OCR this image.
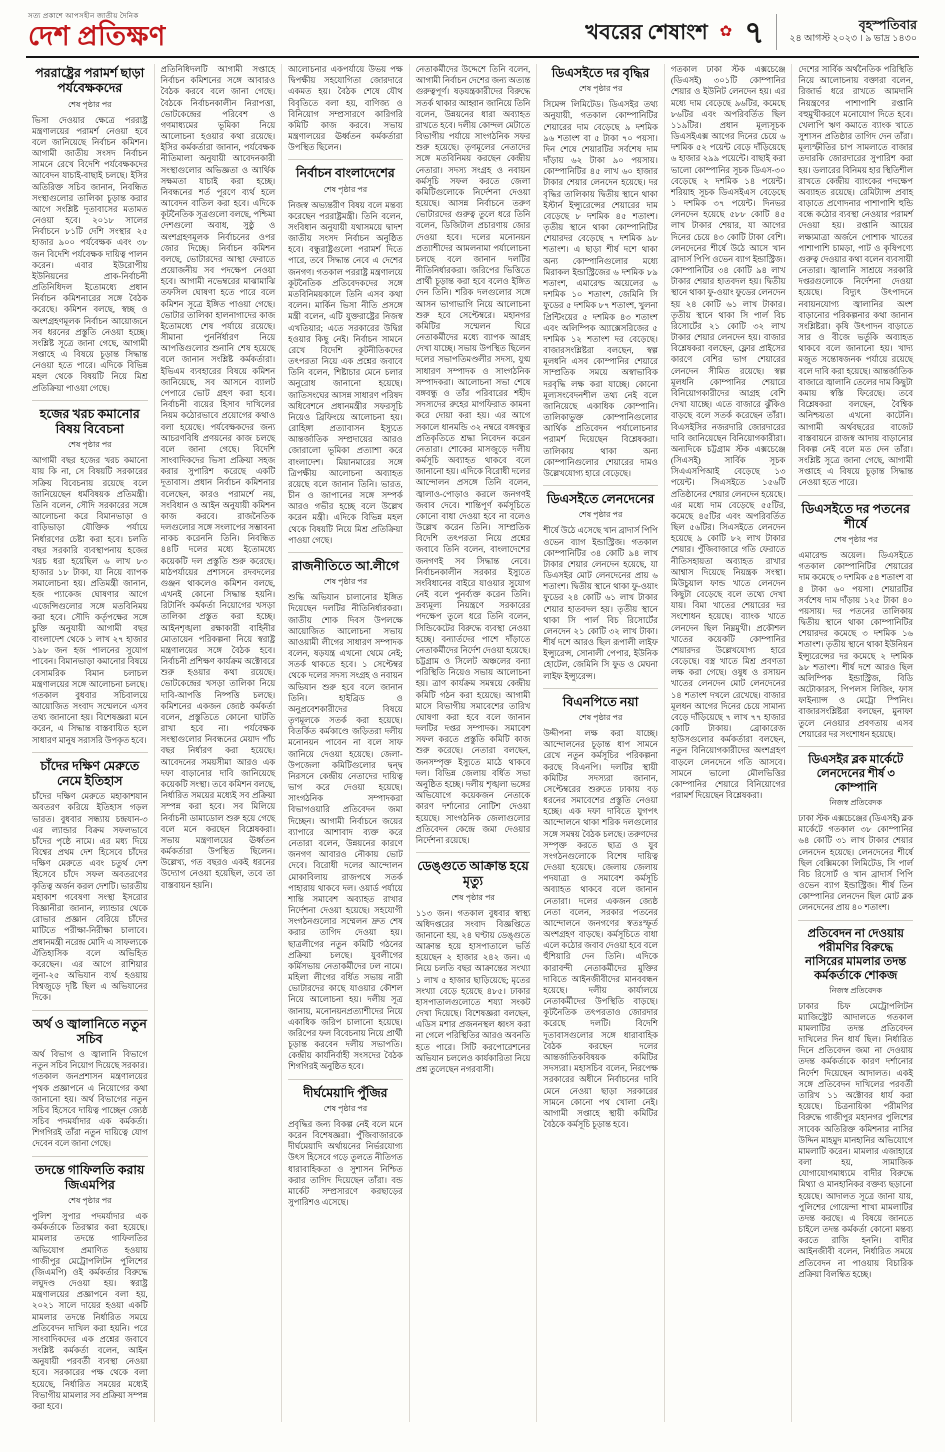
সত্য প্রকাশে আপসহীন জাতীয় দৈনিক
দেশ প্রতিক্ষণ	খবরের শেষাংশ ✿ ৭	বৃহস্পতিবার
২৪ আগস্ট ২০২৩ । ৯ ভাদ্র ১৪৩০
পররাষ্ট্রের পরামর্শ ছাড়া পর্যবেক্ষকদের
শেষ পৃষ্ঠার পর

ভিসা দেওয়ার ক্ষেত্রে পররাষ্ট্র মন্ত্রণালয়ের পরামর্শ নেওয়া হবে বলে জানিয়েছে নির্বাচন কমিশন। আগামী জাতীয় সংসদ নির্বাচন সামনে রেখে বিদেশি পর্যবেক্ষকদের আবেদন যাচাই-বাছাই চলছে। ইসির অতিরিক্ত সচিব জানান, নিবন্ধিত সংস্থাগুলোর তালিকা চূড়ান্ত করার আগে সংশ্লিষ্ট দূতাবাসের মতামত নেওয়া হবে। ২০১৮ সালের নির্বাচনে ৮১টি দেশি সংস্থার ২৫ হাজার ৯০০ পর্যবেক্ষক এবং ৩৮ জন বিদেশি পর্যবেক্ষক দায়িত্ব পালন করেন। এবার ইউরোপীয় ইউনিয়নের প্রাক-নির্বাচনী প্রতিনিধিদল ইতোমধ্যে প্রধান নির্বাচন কমিশনারের সঙ্গে বৈঠক করেছে। কমিশন বলছে, স্বচ্ছ ও অংশগ্রহণমূলক নির্বাচন আয়োজনে সব ধরনের প্রস্তুতি নেওয়া হচ্ছে। সংশ্লিষ্ট সূত্রে জানা গেছে, আগামী সপ্তাহে এ বিষয়ে চূড়ান্ত সিদ্ধান্ত নেওয়া হতে পারে। এদিকে বিভিন্ন মহল থেকে বিষয়টি নিয়ে মিশ্র প্রতিক্রিয়া পাওয়া গেছে।

হজের খরচ কমানোর বিষয় বিবেচনা
শেষ পৃষ্ঠার পর

আগামী বছর হজের খরচ কমানো যায় কি না, সে বিষয়টি সরকারের সক্রিয় বিবেচনায় রয়েছে বলে জানিয়েছেন ধর্মবিষয়ক প্রতিমন্ত্রী। তিনি বলেন, সৌদি সরকারের সঙ্গে আলোচনা করে বিমানভাড়া ও বাড়িভাড়া যৌক্তিক পর্যায়ে নির্ধারণের চেষ্টা করা হবে। চলতি বছর সরকারি ব্যবস্থাপনায় হজের খরচ ধরা হয়েছিল ৬ লাখ ৮৩ হাজার ১৮ টাকা, যা নিয়ে ব্যাপক সমালোচনা হয়। প্রতিমন্ত্রী জানান, হজ প্যাকেজ ঘোষণার আগে এজেন্সিগুলোর সঙ্গে মতবিনিময় করা হবে। সৌদি কর্তৃপক্ষের সঙ্গে চুক্তি অনুযায়ী আগামী বছর বাংলাদেশ থেকে ১ লাখ ২৭ হাজার ১৯৮ জন হজ পালনের সুযোগ পাবেন। বিমানভাড়া কমানোর বিষয়ে বেসামরিক বিমান চলাচল মন্ত্রণালয়ের সঙ্গে আলোচনা চলছে। গতকাল বুধবার সচিবালয়ে আয়োজিত সংবাদ সম্মেলনে এসব তথ্য জানানো হয়। বিশেষজ্ঞরা মনে করেন, এ সিদ্ধান্ত বাস্তবায়িত হলে সাধারণ মানুষ সরাসরি উপকৃত হবে।

চাঁদের দক্ষিণ মেরুতে নেমে ইতিহাস

চাঁদের দক্ষিণ মেরুতে মহাকাশযান অবতরণ করিয়ে ইতিহাস গড়ল ভারত। বুধবার সন্ধ্যায় চন্দ্রযান-৩ এর ল্যান্ডার বিক্রম সফলভাবে চাঁদের পৃষ্ঠে নামে। এর মধ্য দিয়ে বিশ্বের প্রথম দেশ হিসেবে চাঁদের দক্ষিণ মেরুতে এবং চতুর্থ দেশ হিসেবে চাঁদে সফল অবতরণের কৃতিত্ব অর্জন করল দেশটি। ভারতীয় মহাকাশ গবেষণা সংস্থা ইসরোর বিজ্ঞানীরা জানান, ল্যান্ডার থেকে রোভার প্রজ্ঞান বেরিয়ে চাঁদের মাটিতে পরীক্ষা-নিরীক্ষা চালাবে। প্রধানমন্ত্রী নরেন্দ্র মোদি এ সাফল্যকে ঐতিহাসিক বলে অভিহিত করেছেন। এর আগে রাশিয়ার লুনা-২৫ অভিযান ব্যর্থ হওয়ায় বিশ্বজুড়ে দৃষ্টি ছিল এ অভিযানের দিকে।

অর্থ ও জ্বালানিতে নতুন সচিব

অর্থ বিভাগ ও জ্বালানি বিভাগে নতুন সচিব নিয়োগ দিয়েছে সরকার। গতকাল জনপ্রশাসন মন্ত্রণালয়ের পৃথক প্রজ্ঞাপনে এ নিয়োগের কথা জানানো হয়। অর্থ বিভাগের নতুন সচিব হিসেবে দায়িত্ব পাচ্ছেন জ্যেষ্ঠ সচিব পদমর্যাদার এক কর্মকর্তা। শিগগিরই তাঁরা নতুন দায়িত্বে যোগ দেবেন বলে জানা গেছে।

তদন্তে গাফিলতি করায় জিএমপির
শেষ পৃষ্ঠার পর

পুলিশ সুপার পদমর্যাদার এক কর্মকর্তাকে তিরস্কার করা হয়েছে। মামলার তদন্তে গাফিলতির অভিযোগ প্রমাণিত হওয়ায় গাজীপুর মেট্রোপলিটন পুলিশের (জিএমপি) ওই কর্মকর্তার বিরুদ্ধে লঘুদণ্ড দেওয়া হয়। স্বরাষ্ট্র মন্ত্রণালয়ের প্রজ্ঞাপনে বলা হয়, ২০২১ সালে দায়ের হওয়া একটি মামলার তদন্তে নির্ধারিত সময়ে প্রতিবেদন দাখিল করা হয়নি। পরে সাংবাদিকদের এক প্রশ্নের জবাবে সংশ্লিষ্ট কর্মকর্তা বলেন, আইন অনুযায়ী পরবর্তী ব্যবস্থা নেওয়া হবে। সরকারের পক্ষ থেকে বলা হয়েছে, নির্ধারিত সময়ের মধ্যেই বিভাগীয় মামলার সব প্রক্রিয়া সম্পন্ন করা হবে।

প্রতিনিধিদলটি আগামী সপ্তাহে নির্বাচন কমিশনের সঙ্গে আবারও বৈঠক করবে বলে জানা গেছে। বৈঠকে নির্বাচনকালীন নিরাপত্তা, ভোটকেন্দ্রের পরিবেশ ও গণমাধ্যমের ভূমিকা নিয়ে আলোচনা হওয়ার কথা রয়েছে। ইসির কর্মকর্তারা জানান, পর্যবেক্ষক নীতিমালা অনুযায়ী আবেদনকারী সংস্থাগুলোর অভিজ্ঞতা ও আর্থিক সক্ষমতা যাচাই করা হচ্ছে। নিবন্ধনের শর্ত পূরণে ব্যর্থ হলে আবেদন বাতিল করা হবে। এদিকে কূটনৈতিক সূত্রগুলো বলছে, পশ্চিমা দেশগুলো অবাধ, সুষ্ঠু ও অংশগ্রহণমূলক নির্বাচনের ওপর জোর দিচ্ছে। নির্বাচন কমিশন বলছে, ভোটারদের আস্থা ফেরাতে প্রয়োজনীয় সব পদক্ষেপ নেওয়া হবে। আগামী নভেম্বরের মাঝামাঝি তফসিল ঘোষণা হতে পারে বলে কমিশন সূত্রে ইঙ্গিত পাওয়া গেছে। ভোটার তালিকা হালনাগাদের কাজ ইতোমধ্যে শেষ পর্যায়ে রয়েছে। সীমানা পুনর্নির্ধারণ নিয়ে আপত্তিগুলোর শুনানি শেষ হয়েছে বলে জানান সংশ্লিষ্ট কর্মকর্তারা। ইভিএম ব্যবহারের বিষয়ে কমিশন জানিয়েছে, সব আসনে ব্যালট পেপারে ভোট গ্রহণ করা হবে। নির্বাচনী ব্যয়ের হিসাব দাখিলের নিয়ম কঠোরভাবে প্রয়োগের কথাও বলা হয়েছে। পর্যবেক্ষকদের জন্য আচরণবিধি প্রণয়নের কাজ চলছে বলে জানা গেছে। বিদেশি সাংবাদিকদের ভিসা প্রক্রিয়া সহজ করার সুপারিশ করেছে একটি দূতাবাস। প্রধান নির্বাচন কমিশনার বলেছেন, কারও পরামর্শে নয়, সংবিধান ও আইন অনুযায়ী কমিশন কাজ করবে। রাজনৈতিক দলগুলোর সঙ্গে সংলাপের সম্ভাবনা নাকচ করেননি তিনি। নিবন্ধিত ৪৪টি দলের মধ্যে ইতোমধ্যে কয়েকটি দল প্রস্তুতি শুরু করেছে। মাঠপর্যায়ের প্রশাসনে রদবদলের গুঞ্জন থাকলেও কমিশন বলছে, এখনই কোনো সিদ্ধান্ত হয়নি। রিটার্নিং কর্মকর্তা নিয়োগের খসড়া তালিকা প্রস্তুত করা হচ্ছে। আইনশৃঙ্খলা রক্ষাকারী বাহিনীর মোতায়েন পরিকল্পনা নিয়ে স্বরাষ্ট্র মন্ত্রণালয়ের সঙ্গে বৈঠক হবে। নির্বাচনী প্রশিক্ষণ কার্যক্রম অক্টোবরে শুরু হওয়ার কথা রয়েছে। ভোটকেন্দ্রের খসড়া তালিকা নিয়ে দাবি-আপত্তি নিষ্পত্তি চলছে। কমিশনের একজন জ্যেষ্ঠ কর্মকর্তা বলেন, প্রস্তুতিতে কোনো ঘাটতি রাখা হবে না। পর্যবেক্ষক সংস্থাগুলোর নিবন্ধনের মেয়াদ পাঁচ বছর নির্ধারণ করা হয়েছে। আবেদনের সময়সীমা আরও এক দফা বাড়ানোর দাবি জানিয়েছে কয়েকটি সংস্থা। তবে কমিশন বলছে, নির্ধারিত সময়ের মধ্যেই সব প্রক্রিয়া সম্পন্ন করা হবে। সব মিলিয়ে নির্বাচনী ডামাডোল শুরু হয়ে গেছে বলে মনে করছেন বিশ্লেষকরা। সভায় মন্ত্রণালয়ের ঊর্ধ্বতন কর্মকর্তারা উপস্থিত ছিলেন। উল্লেখ্য, গত বছরও একই ধরনের উদ্যোগ নেওয়া হয়েছিল, তবে তা বাস্তবায়ন হয়নি।

আলোচনার একপর্যায়ে উভয় পক্ষ দ্বিপক্ষীয় সহযোগিতা জোরদারে একমত হয়। বৈঠক শেষে যৌথ বিবৃতিতে বলা হয়, বাণিজ্য ও বিনিয়োগ সম্প্রসারণে কারিগরি কমিটি কাজ করবে। সভায় মন্ত্রণালয়ের ঊর্ধ্বতন কর্মকর্তারা উপস্থিত ছিলেন।

নির্বাচন বাংলাদেশের
শেষ পৃষ্ঠার পর

নিজস্ব অভ্যন্তরীণ বিষয় বলে মন্তব্য করেছেন পররাষ্ট্রমন্ত্রী। তিনি বলেন, সংবিধান অনুযায়ী যথাসময়ে দ্বাদশ জাতীয় সংসদ নির্বাচন অনুষ্ঠিত হবে। বন্ধুরাষ্ট্রগুলো পরামর্শ দিতে পারে, তবে সিদ্ধান্ত নেবে এ দেশের জনগণ। গতকাল পররাষ্ট্র মন্ত্রণালয়ে কূটনৈতিক প্রতিবেদকদের সঙ্গে মতবিনিময়কালে তিনি এসব কথা বলেন। মার্কিন ভিসা নীতি প্রসঙ্গে মন্ত্রী বলেন, এটি যুক্তরাষ্ট্রের নিজস্ব এখতিয়ার; এতে সরকারের উদ্বিগ্ন হওয়ার কিছু নেই। নির্বাচন সামনে রেখে বিদেশি কূটনীতিকদের তৎপরতা নিয়ে এক প্রশ্নের জবাবে তিনি বলেন, শিষ্টাচার মেনে চলার অনুরোধ জানানো হয়েছে। জাতিসংঘের আসন্ন সাধারণ পরিষদ অধিবেশনে প্রধানমন্ত্রীর সফরসূচি নিয়েও ব্রিফিংয়ে আলোচনা হয়। রোহিঙ্গা প্রত্যাবাসন ইস্যুতে আন্তর্জাতিক সম্প্রদায়ের আরও জোরালো ভূমিকা প্রত্যাশা করে বাংলাদেশ। মিয়ানমারের সঙ্গে ত্রিপক্ষীয় আলোচনা অব্যাহত রয়েছে বলে জানান তিনি। ভারত, চীন ও জাপানের সঙ্গে সম্পর্ক আরও গভীর হচ্ছে বলে উল্লেখ করেন মন্ত্রী। এদিকে বিভিন্ন মহল থেকে বিষয়টি নিয়ে মিশ্র প্রতিক্রিয়া পাওয়া গেছে।

রাজনীতিতে আ.লীগে
শেষ পৃষ্ঠার পর

শুদ্ধি অভিযান চালানোর ইঙ্গিত দিয়েছেন দলটির নীতিনির্ধারকরা। জাতীয় শোক দিবস উপলক্ষে আয়োজিত আলোচনা সভায় আওয়ামী লীগের সাধারণ সম্পাদক বলেন, ষড়যন্ত্র এখনো থেমে নেই; সতর্ক থাকতে হবে। ১ সেপ্টেম্বর থেকে দলের সদস্য সংগ্রহ ও নবায়ন অভিযান শুরু হবে বলে জানান তিনি। হাইব্রিড ও অনুপ্রবেশকারীদের বিষয়ে তৃণমূলকে সতর্ক করা হয়েছে। বিতর্কিত কর্মকাণ্ডে জড়িতরা দলীয় মনোনয়ন পাবেন না বলে সাফ জানিয়ে দেওয়া হয়েছে। জেলা-উপজেলা কমিটিগুলোর দ্বন্দ্ব নিরসনে কেন্দ্রীয় নেতাদের দায়িত্ব ভাগ করে দেওয়া হয়েছে। সাংগঠনিক সম্পাদকরা বিভাগওয়ারি প্রতিবেদন জমা দিচ্ছেন। আগামী নির্বাচনে জয়ের ব্যাপারে আশাবাদ ব্যক্ত করে নেতারা বলেন, উন্নয়নের কারণে জনগণ আবারও নৌকায় ভোট দেবে। বিরোধী দলের আন্দোলন মোকাবিলায় রাজপথে সতর্ক পাহারায় থাকবে দল। ওয়ার্ড পর্যায়ে শান্তি সমাবেশ অব্যাহত রাখার নির্দেশনা দেওয়া হয়েছে। সহযোগী সংগঠনগুলোর সম্মেলন দ্রুত শেষ করার তাগিদ দেওয়া হয়। ছাত্রলীগের নতুন কমিটি গঠনের প্রক্রিয়া চলছে। যুবলীগের কর্মিসভায় নেতাকর্মীদের ঢল নামে। মহিলা লীগের বর্ধিত সভায় নারী ভোটারদের কাছে যাওয়ার কৌশল নিয়ে আলোচনা হয়। দলীয় সূত্র জানায়, মনোনয়নপ্রত্যাশীদের নিয়ে একাধিক জরিপ চালানো হয়েছে। জরিপের ফল বিবেচনায় নিয়ে প্রার্থী চূড়ান্ত করবেন দলীয় সভাপতি। কেন্দ্রীয় কার্যনির্বাহী সংসদের বৈঠক শিগগিরই অনুষ্ঠিত হবে।

দীর্ঘমেয়াদি পুঁজির
শেষ পৃষ্ঠার পর

প্রবৃদ্ধির জন্য বিকল্প নেই বলে মনে করেন বিশেষজ্ঞরা। পুঁজিবাজারকে দীর্ঘমেয়াদি অর্থায়নের নির্ভরযোগ্য উৎস হিসেবে গড়ে তুলতে নীতিগত ধারাবাহিকতা ও সুশাসন নিশ্চিত করার তাগিদ দিয়েছেন তাঁরা। বন্ড মার্কেট সম্প্রসারণে করছাড়ের সুপারিশও এসেছে।

নেতাকর্মীদের উদ্দেশে তিনি বলেন, আগামী নির্বাচন দেশের জন্য অত্যন্ত গুরুত্বপূর্ণ। ষড়যন্ত্রকারীদের বিরুদ্ধে সতর্ক থাকার আহ্বান জানিয়ে তিনি বলেন, উন্নয়নের ধারা অব্যাহত রাখতে হবে। দলীয় কোন্দল মেটাতে বিভাগীয় পর্যায়ে সাংগঠনিক সফর শুরু হয়েছে। তৃণমূলের নেতাদের সঙ্গে মতবিনিময় করছেন কেন্দ্রীয় নেতারা। সদস্য সংগ্রহ ও নবায়ন কর্মসূচি সফল করতে জেলা কমিটিগুলোকে নির্দেশনা দেওয়া হয়েছে। আসন্ন নির্বাচনে তরুণ ভোটারদের গুরুত্ব তুলে ধরে তিনি বলেন, ডিজিটাল প্রচারণায় জোর দেওয়া হবে। দলের মনোনয়ন প্রত্যাশীদের আমলনামা পর্যালোচনা চলছে বলে জানান দলটির নীতিনির্ধারকরা। জরিপের ভিত্তিতে প্রার্থী চূড়ান্ত করা হবে বলেও ইঙ্গিত দেন তিনি। শরিক দলগুলোর সঙ্গে আসন ভাগাভাগি নিয়ে আলোচনা শুরু হবে সেপ্টেম্বরে। মহানগর কমিটির সম্মেলন ঘিরে নেতাকর্মীদের মধ্যে ব্যাপক আগ্রহ দেখা যাচ্ছে। সভায় উপস্থিত ছিলেন দলের সভাপতিমণ্ডলীর সদস্য, যুগ্ম সাধারণ সম্পাদক ও সাংগঠনিক সম্পাদকরা। আলোচনা সভা শেষে বঙ্গবন্ধু ও তাঁর পরিবারের শহীদ সদস্যদের রুহের মাগফিরাত কামনা করে দোয়া করা হয়। এর আগে সকালে ধানমন্ডি ৩২ নম্বরে বঙ্গবন্ধুর প্রতিকৃতিতে শ্রদ্ধা নিবেদন করেন নেতারা। শোকের মাসজুড়ে দলীয় কর্মসূচি অব্যাহত থাকবে বলে জানানো হয়। এদিকে বিরোধী দলের আন্দোলন প্রসঙ্গে তিনি বলেন, জ্বালাও-পোড়াও করলে জনগণই জবাব দেবে। শান্তিপূর্ণ কর্মসূচিতে কোনো বাধা দেওয়া হবে না বলেও উল্লেখ করেন তিনি। সাম্প্রতিক বিদেশি তৎপরতা নিয়ে প্রশ্নের জবাবে তিনি বলেন, বাংলাদেশের জনগণই সব সিদ্ধান্ত নেবে। নির্বাচনকালীন সরকার ইস্যুতে সংবিধানের বাইরে যাওয়ার সুযোগ নেই বলে পুনর্ব্যক্ত করেন তিনি। দ্রব্যমূল্য নিয়ন্ত্রণে সরকারের পদক্ষেপ তুলে ধরে তিনি বলেন, সিন্ডিকেটের বিরুদ্ধে ব্যবস্থা নেওয়া হচ্ছে। বন্যার্তদের পাশে দাঁড়াতে নেতাকর্মীদের নির্দেশ দেওয়া হয়েছে। চট্টগ্রাম ও সিলেট অঞ্চলের বন্যা পরিস্থিতি নিয়েও সভায় আলোচনা হয়। ত্রাণ কার্যক্রম সমন্বয়ে কেন্দ্রীয় কমিটি গঠন করা হয়েছে। আগামী মাসে বিভাগীয় সমাবেশের তারিখ ঘোষণা করা হবে বলে জানান দলটির দপ্তর সম্পাদক। সমাবেশ সফল করতে প্রস্তুতি কমিটি কাজ শুরু করেছে। নেতারা বলছেন, জনসম্পৃক্ত ইস্যুতে মাঠে থাকবে দল। বিভিন্ন জেলায় বর্ধিত সভা অনুষ্ঠিত হচ্ছে। দলীয় শৃঙ্খলা ভঙ্গের অভিযোগে কয়েকজন নেতাকে কারণ দর্শানোর নোটিশ দেওয়া হয়েছে। সাংগঠনিক জেলাগুলোর প্রতিবেদন কেন্দ্রে জমা দেওয়ার নির্দেশনা রয়েছে।

ডেঙ্গুতে আক্রান্ত হয়ে মৃত্যু
শেষ পৃষ্ঠার পর

১১৩ জন। গতকাল বুধবার স্বাস্থ্য অধিদপ্তরের সংবাদ বিজ্ঞপ্তিতে জানানো হয়, ২৪ ঘণ্টায় ডেঙ্গুতে আক্রান্ত হয়ে হাসপাতালে ভর্তি হয়েছেন ২ হাজার ২৪২ জন। এ নিয়ে চলতি বছর আক্রান্তের সংখ্যা ১ লাখ ৫ হাজার ছাড়িয়েছে; মৃতের সংখ্যা বেড়ে হয়েছে ৪৮৫। ঢাকার হাসপাতালগুলোতে শয্যা সংকট দেখা দিয়েছে। বিশেষজ্ঞরা বলছেন, এডিস মশার প্রজননস্থল ধ্বংস করা না গেলে পরিস্থিতির আরও অবনতি হতে পারে। সিটি করপোরেশনের অভিযান চললেও কার্যকারিতা নিয়ে প্রশ্ন তুলেছেন নগরবাসী।

ডিএসইতে দর বৃদ্ধির
শেষ পৃষ্ঠার পর

সিমেন্স লিমিটেড। ডিএসইর তথ্য অনুযায়ী, গতকাল কোম্পানিটির শেয়ারের দাম বেড়েছে ৯ দশমিক ৯৬ শতাংশ বা ৫ টাকা ৭০ পয়সা। দিন শেষে শেয়ারটির সর্বশেষ দাম দাঁড়ায় ৬২ টাকা ৯০ পয়সায়। কোম্পানিটির ৪৫ লাখ ৬০ হাজার টাকার শেয়ার লেনদেন হয়েছে। দর বৃদ্ধির তালিকায় দ্বিতীয় স্থানে থাকা ইস্টার্ন ইন্স্যুরেন্সের শেয়ারের দাম বেড়েছে ৮ দশমিক ৪৫ শতাংশ। তৃতীয় স্থানে থাকা কোম্পানিটির শেয়ারদর বেড়েছে ৭ দশমিক ৯৮ শতাংশ। এ ছাড়া শীর্ষ দশে থাকা অন্য কোম্পানিগুলোর মধ্যে মিরাকল ইন্ডাস্ট্রিজের ৬ দশমিক ৮৯ শতাংশ, এমারেল্ড অয়েলের ৬ দশমিক ১০ শতাংশ, জেমিনি সি ফুডের ৫ দশমিক ৮৭ শতাংশ, খুলনা প্রিন্টিংয়ের ৫ দশমিক ৪৩ শতাংশ এবং অলিম্পিক অ্যাক্সেসরিজের ৫ দশমিক ১২ শতাংশ দর বেড়েছে। বাজারসংশ্লিষ্টরা বলছেন, স্বল্প মূলধনি এসব কোম্পানির শেয়ারে সাম্প্রতিক সময়ে অস্বাভাবিক দরবৃদ্ধি লক্ষ করা যাচ্ছে। কোনো মূল্যসংবেদনশীল তথ্য নেই বলে জানিয়েছে একাধিক কোম্পানি। তালিকাভুক্ত কোম্পানিগুলোর আর্থিক প্রতিবেদন পর্যালোচনার পরামর্শ দিয়েছেন বিশ্লেষকরা। তালিকায় থাকা অন্য কোম্পানিগুলোর শেয়ারের দামও উল্লেখযোগ্য হারে বেড়েছে।

ডিএসইতে লেনদেনের
শেষ পৃষ্ঠার পর

শীর্ষে উঠে এসেছে খান ব্রাদার্স পিপি ওভেন ব্যাগ ইন্ডাস্ট্রিজ। গতকাল কোম্পানিটির ৩৪ কোটি ৯৪ লাখ টাকার শেয়ার লেনদেন হয়েছে, যা ডিএসইর মোট লেনদেনের প্রায় ৬ শতাংশ। দ্বিতীয় স্থানে থাকা ফু-ওয়াং ফুডের ২৪ কোটি ৬১ লাখ টাকার শেয়ার হাতবদল হয়। তৃতীয় স্থানে থাকা সি পার্ল বিচ রিসোর্টের লেনদেন ২১ কোটি ৩২ লাখ টাকা। শীর্ষ দশে আরও ছিল রূপালী লাইফ ইন্স্যুরেন্স, সোনালী পেপার, ইউনিক হোটেল, জেমিনি সি ফুড ও মেঘনা লাইফ ইন্স্যুরেন্স।

বিএনপিতে নয়া
শেষ পৃষ্ঠার পর

উদ্দীপনা লক্ষ করা যাচ্ছে। আন্দোলনের চূড়ান্ত ধাপ সামনে রেখে নতুন কর্মসূচির পরিকল্পনা করছে বিএনপি। দলটির স্থায়ী কমিটির সদস্যরা জানান, সেপ্টেম্বরের শুরুতে ঢাকায় বড় ধরনের সমাবেশের প্রস্তুতি নেওয়া হচ্ছে। এক দফা দাবিতে যুগপৎ আন্দোলনে থাকা শরিক দলগুলোর সঙ্গে সমন্বয় বৈঠক চলছে। তরুণদের সম্পৃক্ত করতে ছাত্র ও যুব সংগঠনগুলোকে বিশেষ দায়িত্ব দেওয়া হয়েছে। জেলায় জেলায় পদযাত্রা ও সমাবেশ কর্মসূচি অব্যাহত থাকবে বলে জানান নেতারা। দলের একজন জ্যেষ্ঠ নেতা বলেন, সরকার পতনের আন্দোলনে জনগণের স্বতঃস্ফূর্ত অংশগ্রহণ বাড়ছে। কর্মসূচিতে বাধা এলে কঠোর জবাব দেওয়া হবে বলে হুঁশিয়ারি দেন তিনি। এদিকে কারাবন্দী নেতাকর্মীদের মুক্তির দাবিতে আইনজীবীদের মানববন্ধন হয়েছে। দলীয় কার্যালয়ে নেতাকর্মীদের উপস্থিতি বাড়ছে। কূটনৈতিক তৎপরতাও জোরদার করেছে দলটি। বিদেশি দূতাবাসগুলোর সঙ্গে ধারাবাহিক বৈঠক করছেন দলের আন্তর্জাতিকবিষয়ক কমিটির সদস্যরা। মহাসচিব বলেন, নিরপেক্ষ সরকারের অধীনে নির্বাচনের দাবি মেনে নেওয়া ছাড়া সরকারের সামনে কোনো পথ খোলা নেই। আগামী সপ্তাহে স্থায়ী কমিটির বৈঠকে কর্মসূচি চূড়ান্ত হবে।

গতকাল ঢাকা স্টক এক্সচেঞ্জে (ডিএসই) ৩০১টি কোম্পানির শেয়ার ও ইউনিট লেনদেন হয়। এর মধ্যে দাম বেড়েছে ৯৬টির, কমেছে ৮৬টির এবং অপরিবর্তিত ছিল ১১৯টির। প্রধান মূল্যসূচক ডিএসইএক্স আগের দিনের চেয়ে ৬ দশমিক ৫২ পয়েন্ট বেড়ে দাঁড়িয়েছে ৬ হাজার ২৯৯ পয়েন্টে। বাছাই করা ভালো কোম্পানির সূচক ডিএস-৩০ বেড়েছে ২ দশমিক ১৪ পয়েন্ট। শরিয়াহ সূচক ডিএসইএস বেড়েছে ১ দশমিক ৩৭ পয়েন্ট। দিনভর লেনদেন হয়েছে ৫৮৮ কোটি ৪৫ লাখ টাকার শেয়ার, যা আগের দিনের চেয়ে ৪৩ কোটি টাকা বেশি। লেনদেনের শীর্ষে উঠে আসে খান ব্রাদার্স পিপি ওভেন ব্যাগ ইন্ডাস্ট্রিজ। কোম্পানিটির ৩৪ কোটি ৯৪ লাখ টাকার শেয়ার হাতবদল হয়। দ্বিতীয় স্থানে থাকা ফু-ওয়াং ফুডের লেনদেন হয় ২৪ কোটি ৬১ লাখ টাকার। তৃতীয় স্থানে থাকা সি পার্ল বিচ রিসোর্টের ২১ কোটি ৩২ লাখ টাকার শেয়ার লেনদেন হয়। বাজার বিশ্লেষকরা বলছেন, ফ্লোর প্রাইসের কারণে বেশির ভাগ শেয়ারের লেনদেন সীমিত রয়েছে। স্বল্প মূলধনি কোম্পানির শেয়ারে বিনিয়োগকারীদের আগ্রহ বেশি দেখা যাচ্ছে। এতে বাজারে ঝুঁকিও বাড়ছে বলে সতর্ক করেছেন তাঁরা। বিএসইসির নজরদারি জোরদারের দাবি জানিয়েছেন বিনিয়োগকারীরা। অন্যদিকে চট্টগ্রাম স্টক এক্সচেঞ্জে (সিএসই) সার্বিক সূচক সিএএসপিআই বেড়েছে ১৩ পয়েন্ট। সিএসইতে ১৫৬টি প্রতিষ্ঠানের শেয়ার লেনদেন হয়েছে। এর মধ্যে দাম বেড়েছে ৫৫টির, কমেছে ৪৫টির এবং অপরিবর্তিত ছিল ৫৬টির। সিএসইতে লেনদেন হয়েছে ৯ কোটি ৮২ লাখ টাকার শেয়ার। পুঁজিবাজারে গতি ফেরাতে নীতিসহায়তা অব্যাহত রাখার আশ্বাস দিয়েছে নিয়ন্ত্রক সংস্থা। মিউচুয়াল ফান্ড খাতে লেনদেন কিছুটা বেড়েছে বলে তথ্যে দেখা যায়। বিমা খাতের শেয়ারের দর সংশোধন হয়েছে। ব্যাংক খাতে লেনদেন ছিল নিম্নমুখী। প্রকৌশল খাতের কয়েকটি কোম্পানির শেয়ারদর উল্লেখযোগ্য হারে বেড়েছে। বস্ত্র খাতে মিশ্র প্রবণতা লক্ষ করা গেছে। ওষুধ ও রসায়ন খাতের লেনদেন মোট লেনদেনের ১৪ শতাংশ দখলে রেখেছে। বাজার মূলধন আগের দিনের চেয়ে সামান্য বেড়ে দাঁড়িয়েছে ৭ লাখ ৭৭ হাজার কোটি টাকায়। ব্রোকারেজ হাউসগুলোর কর্মকর্তারা বলছেন, নতুন বিনিয়োগকারীদের অংশগ্রহণ বাড়লে লেনদেনে গতি আসবে। সামনে ভালো মৌলভিত্তির কোম্পানির শেয়ারে বিনিয়োগের পরামর্শ দিয়েছেন বিশ্লেষকরা।

দেশের সার্বিক অর্থনৈতিক পরিস্থিতি নিয়ে আলোচনায় বক্তারা বলেন, রিজার্ভ ধরে রাখতে আমদানি নিয়ন্ত্রণের পাশাপাশি রপ্তানি বহুমুখীকরণে মনোযোগ দিতে হবে। খেলাপি ঋণ কমাতে ব্যাংক খাতে সুশাসন প্রতিষ্ঠার তাগিদ দেন তাঁরা। মূল্যস্ফীতির চাপ সামলাতে বাজার তদারকি জোরদারের সুপারিশ করা হয়। ডলারের বিনিময় হার স্থিতিশীল রাখতে কেন্দ্রীয় ব্যাংকের পদক্ষেপ অব্যাহত রয়েছে। রেমিট্যান্স প্রবাহ বাড়াতে প্রণোদনার পাশাপাশি হুন্ডি বন্ধে কঠোর ব্যবস্থা নেওয়ার পরামর্শ দেওয়া হয়। রপ্তানি আয়ের লক্ষ্যমাত্রা অর্জনে পোশাক খাতের পাশাপাশি চামড়া, পাট ও কৃষিপণ্যে গুরুত্ব দেওয়ার কথা বলেন ব্যবসায়ী নেতারা। জ্বালানি সাশ্রয়ে সরকারি দপ্তরগুলোকে নির্দেশনা দেওয়া হয়েছে। বিদ্যুৎ উৎপাদনে নবায়নযোগ্য জ্বালানির অংশ বাড়ানোর পরিকল্পনার কথা জানান সংশ্লিষ্টরা। কৃষি উৎপাদন বাড়াতে সার ও বীজে ভর্তুকি অব্যাহত থাকবে বলে জানানো হয়। খাদ্য মজুত সন্তোষজনক পর্যায়ে রয়েছে বলে দাবি করা হয়েছে। আন্তর্জাতিক বাজারে জ্বালানি তেলের দাম কিছুটা কমায় স্বস্তি ফিরেছে। তবে বিশ্লেষকরা বলছেন, বৈশ্বিক অনিশ্চয়তা এখনো কাটেনি। আগামী অর্থবছরের বাজেট বাস্তবায়নে রাজস্ব আদায় বাড়ানোর বিকল্প নেই বলে মত দেন তাঁরা। সংশ্লিষ্ট সূত্রে জানা গেছে, আগামী সপ্তাহে এ বিষয়ে চূড়ান্ত সিদ্ধান্ত নেওয়া হতে পারে।

ডিএসইতে দর পতনের শীর্ষে
শেষ পৃষ্ঠার পর

এমারেল্ড অয়েল। ডিএসইতে গতকাল কোম্পানিটির শেয়ারের দাম কমেছে ৩ দশমিক ৫৪ শতাংশ বা ৪ টাকা ৬০ পয়সা। শেয়ারটির সর্বশেষ দাম দাঁড়ায় ১২৫ টাকা ৪০ পয়সায়। দর পতনের তালিকায় দ্বিতীয় স্থানে থাকা কোম্পানিটির শেয়ারদর কমেছে ৩ দশমিক ১৬ শতাংশ। তৃতীয় স্থানে থাকা ইউনিয়ন ইন্স্যুরেন্সের দর কমেছে ২ দশমিক ৯৮ শতাংশ। শীর্ষ দশে আরও ছিল অলিম্পিক ইন্ডাস্ট্রিজ, বিডি অটোকারস, পিপলস লিজিং, ফাস ফাইন্যান্স ও মেট্রো স্পিনিং। বাজারসংশ্লিষ্টরা বলছেন, মুনাফা তুলে নেওয়ার প্রবণতায় এসব শেয়ারের দর সংশোধন হয়েছে।

ডিএসইর ব্লক মার্কেটে লেনদেনের শীর্ষ ৩ কোম্পানি
নিজস্ব প্রতিবেদক

ঢাকা স্টক এক্সচেঞ্জের (ডিএসই) ব্লক মার্কেটে গতকাল ৩৮ কোম্পানির ৬৪ কোটি ৩১ লাখ টাকার শেয়ার লেনদেন হয়েছে। লেনদেনের শীর্ষে ছিল বেক্সিমকো লিমিটেড, সি পার্ল বিচ রিসোর্ট ও খান ব্রাদার্স পিপি ওভেন ব্যাগ ইন্ডাস্ট্রিজ। শীর্ষ তিন কোম্পানির লেনদেন ছিল মোট ব্লক লেনদেনের প্রায় ৪০ শতাংশ।

প্রতিবেদন না দেওয়ায় পরীমণির বিরুদ্ধে নাসিরের মামলার তদন্ত কর্মকর্তাকে শোকজ
নিজস্ব প্রতিবেদক

ঢাকার চিফ মেট্রোপলিটন ম্যাজিস্ট্রেট আদালতে গতকাল মামলাটির তদন্ত প্রতিবেদন দাখিলের দিন ধার্য ছিল। নির্ধারিত দিনে প্রতিবেদন জমা না দেওয়ায় তদন্ত কর্মকর্তাকে কারণ দর্শানোর নির্দেশ দিয়েছেন আদালত। একই সঙ্গে প্রতিবেদন দাখিলের পরবর্তী তারিখ ১১ অক্টোবর ধার্য করা হয়েছে। চিত্রনায়িকা পরীমণির বিরুদ্ধে গাজীপুর মহানগর পুলিশের সাবেক অতিরিক্ত কমিশনার নাসির উদ্দিন মাহমুদ মানহানির অভিযোগে মামলাটি করেন। মামলার এজাহারে বলা হয়, সামাজিক যোগাযোগমাধ্যমে বাদীর বিরুদ্ধে মিথ্যা ও মানহানিকর বক্তব্য ছড়ানো হয়েছে। আদালত সূত্রে জানা যায়, পুলিশের গোয়েন্দা শাখা মামলাটির তদন্ত করছে। এ বিষয়ে জানতে চাইলে তদন্ত কর্মকর্তা কোনো মন্তব্য করতে রাজি হননি। বাদীর আইনজীবী বলেন, নির্ধারিত সময়ে প্রতিবেদন না পাওয়ায় বিচারিক প্রক্রিয়া বিলম্বিত হচ্ছে।
